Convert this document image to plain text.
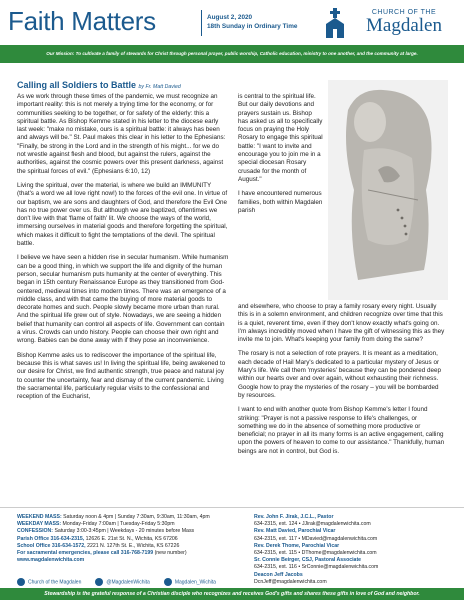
Faith Matters	August 2, 2020
18th Sunday in Ordinary Time
CHURCH OF THE
Magdalen
Our Mission: To cultivate a family of stewards for Christ through personal prayer, public worship, Catholic education, ministry to one another, and the community at large.
Calling all Soldiers to Battle by Fr. Matt Davied

As we work through these times of the pandemic, we must recognize an important reality: this is not merely a trying time for the economy, or for communities seeking to be together, or for safety of the elderly: this a spiritual battle. As Bishop Kemme stated in his letter to the diocese early last week: "make no mistake, ours is a spiritual battle: it always has been and always will be." St. Paul makes this clear in his letter to the Ephesians: "Finally, be strong in the Lord and in the strength of his might... for we do not wrestle against flesh and blood, but against the rulers, against the authorities, against the cosmic powers over this present darkness, against the spiritual forces of evil." (Ephesians 6:10, 12)

Living the spiritual, over the material, is where we build an IMMUNITY (that's a word we all love right now!) to the forces of the evil one. In virtue of our baptism, we are sons and daughters of God, and therefore the Evil One has no true power over us. But although we are baptized, oftentimes we don't live with that 'flame of faith' lit. We choose the ways of the world, immersing ourselves in material goods and therefore forgetting the spiritual, which makes it difficult to fight the temptations of the devil. The spiritual battle.

I believe we have seen a hidden rise in secular humanism. While humanism can be a good thing, in which we support the life and dignity of the human person, secular humanism puts humanity at the center of everything. This began in 15th century Renaissance Europe as they transitioned from God-centered, medieval times into modern times. There was an emergence of a middle class, and with that came the buying of more material goods to decorate homes and such. People slowly became more urban than rural. And the spiritual life grew out of style. Nowadays, we are seeing a hidden belief that humanity can control all aspects of life. Government can contain a virus. Crowds can undo history. People can choose their own right and wrong. Babies can be done away with if they pose an inconvenience.

Bishop Kemme asks us to rediscover the importance of the spiritual life, because this is what saves us! In living the spiritual life, being awakened to our desire for Christ, we find authentic strength, true peace and natural joy to counter the uncertainty, fear and dismay of the current pandemic. Living the sacramental life, particularly regular visits to the confessional and reception of the Eucharist,

is central to the spiritual life. But our daily devotions and prayers sustain us. Bishop has asked us all to specifically focus on praying the Holy Rosary to engage this spiritual battle: "I want to invite and encourage you to join me in a special diocesan Rosary crusade for the month of August."

I have encountered numerous families, both within Magdalen parish

and elsewhere, who choose to pray a family rosary every night. Usually this is in a solemn environment, and children recognize over time that this is a quiet, reverent time, even if they don't know exactly what's going on. I'm always incredibly moved when I have the gift of witnessing this as they invite me to join. What's keeping your family from doing the same?

The rosary is not a selection of rote prayers. It is meant as a meditation, each decade of Hail Mary's dedicated to a particular mystery of Jesus or Mary's life. We call them 'mysteries' because they can be pondered deep within our hearts over and over again, without exhausting their richness. Google how to pray the mysteries of the rosary – you will be bombarded by resources.

I want to end with another quote from Bishop Kemme's letter I found striking: "Prayer is not a passive response to life's challenges, or something we do in the absence of something more productive or beneficial; no prayer in all its many forms is an active engagement, calling upon the powers of heaven to come to our assistance." Thankfully, human beings are not in control, but God is.

WEEKEND MASS: Saturday noon & 4pm | Sunday 7:30am, 9:30am, 11:30am, 4pm
WEEKDAY MASS: Monday-Friday 7:00am | Tuesday-Friday 5:30pm
CONFESSION: Saturday 3:00-3:45pm | Weekdays - 20 minutes before Mass
Parish Office 316-634-2315, 12626 E. 21st St. N., Wichita, KS 67206
School Office 316-634-1572, 2221 N. 127th St. E., Wichita, KS 67226
For sacramental emergencies, please call 316-768-7199 (new number)
www.magdalenwichita.com
Church of the Magdalen	@MagdalenWichita	Magdalen_Wichita
Rev. John F. Jirak, J.C.L., Pastor
634-2315, ext. 124 • JJirak@magdalenwichita.com
Rev. Matt Davied, Parochial Vicar
634-2315, ext. 117 • MDavied@magdalenwichita.com
Rev. Derek Thome, Parochial Vicar
634-2315, ext. 115 • DThome@magdalenwichita.com
Sr. Connie Beirger, CSJ, Pastoral Associate
634-2315, ext. 116 • SrConnie@magdalenwichita.com
Deacon Jeff Jacobs
DcnJeff@magdalenwichita.com
Stewardship is the grateful response of a Christian disciple who recognizes and receives God's gifts and shares these gifts in love of God and neighbor.
